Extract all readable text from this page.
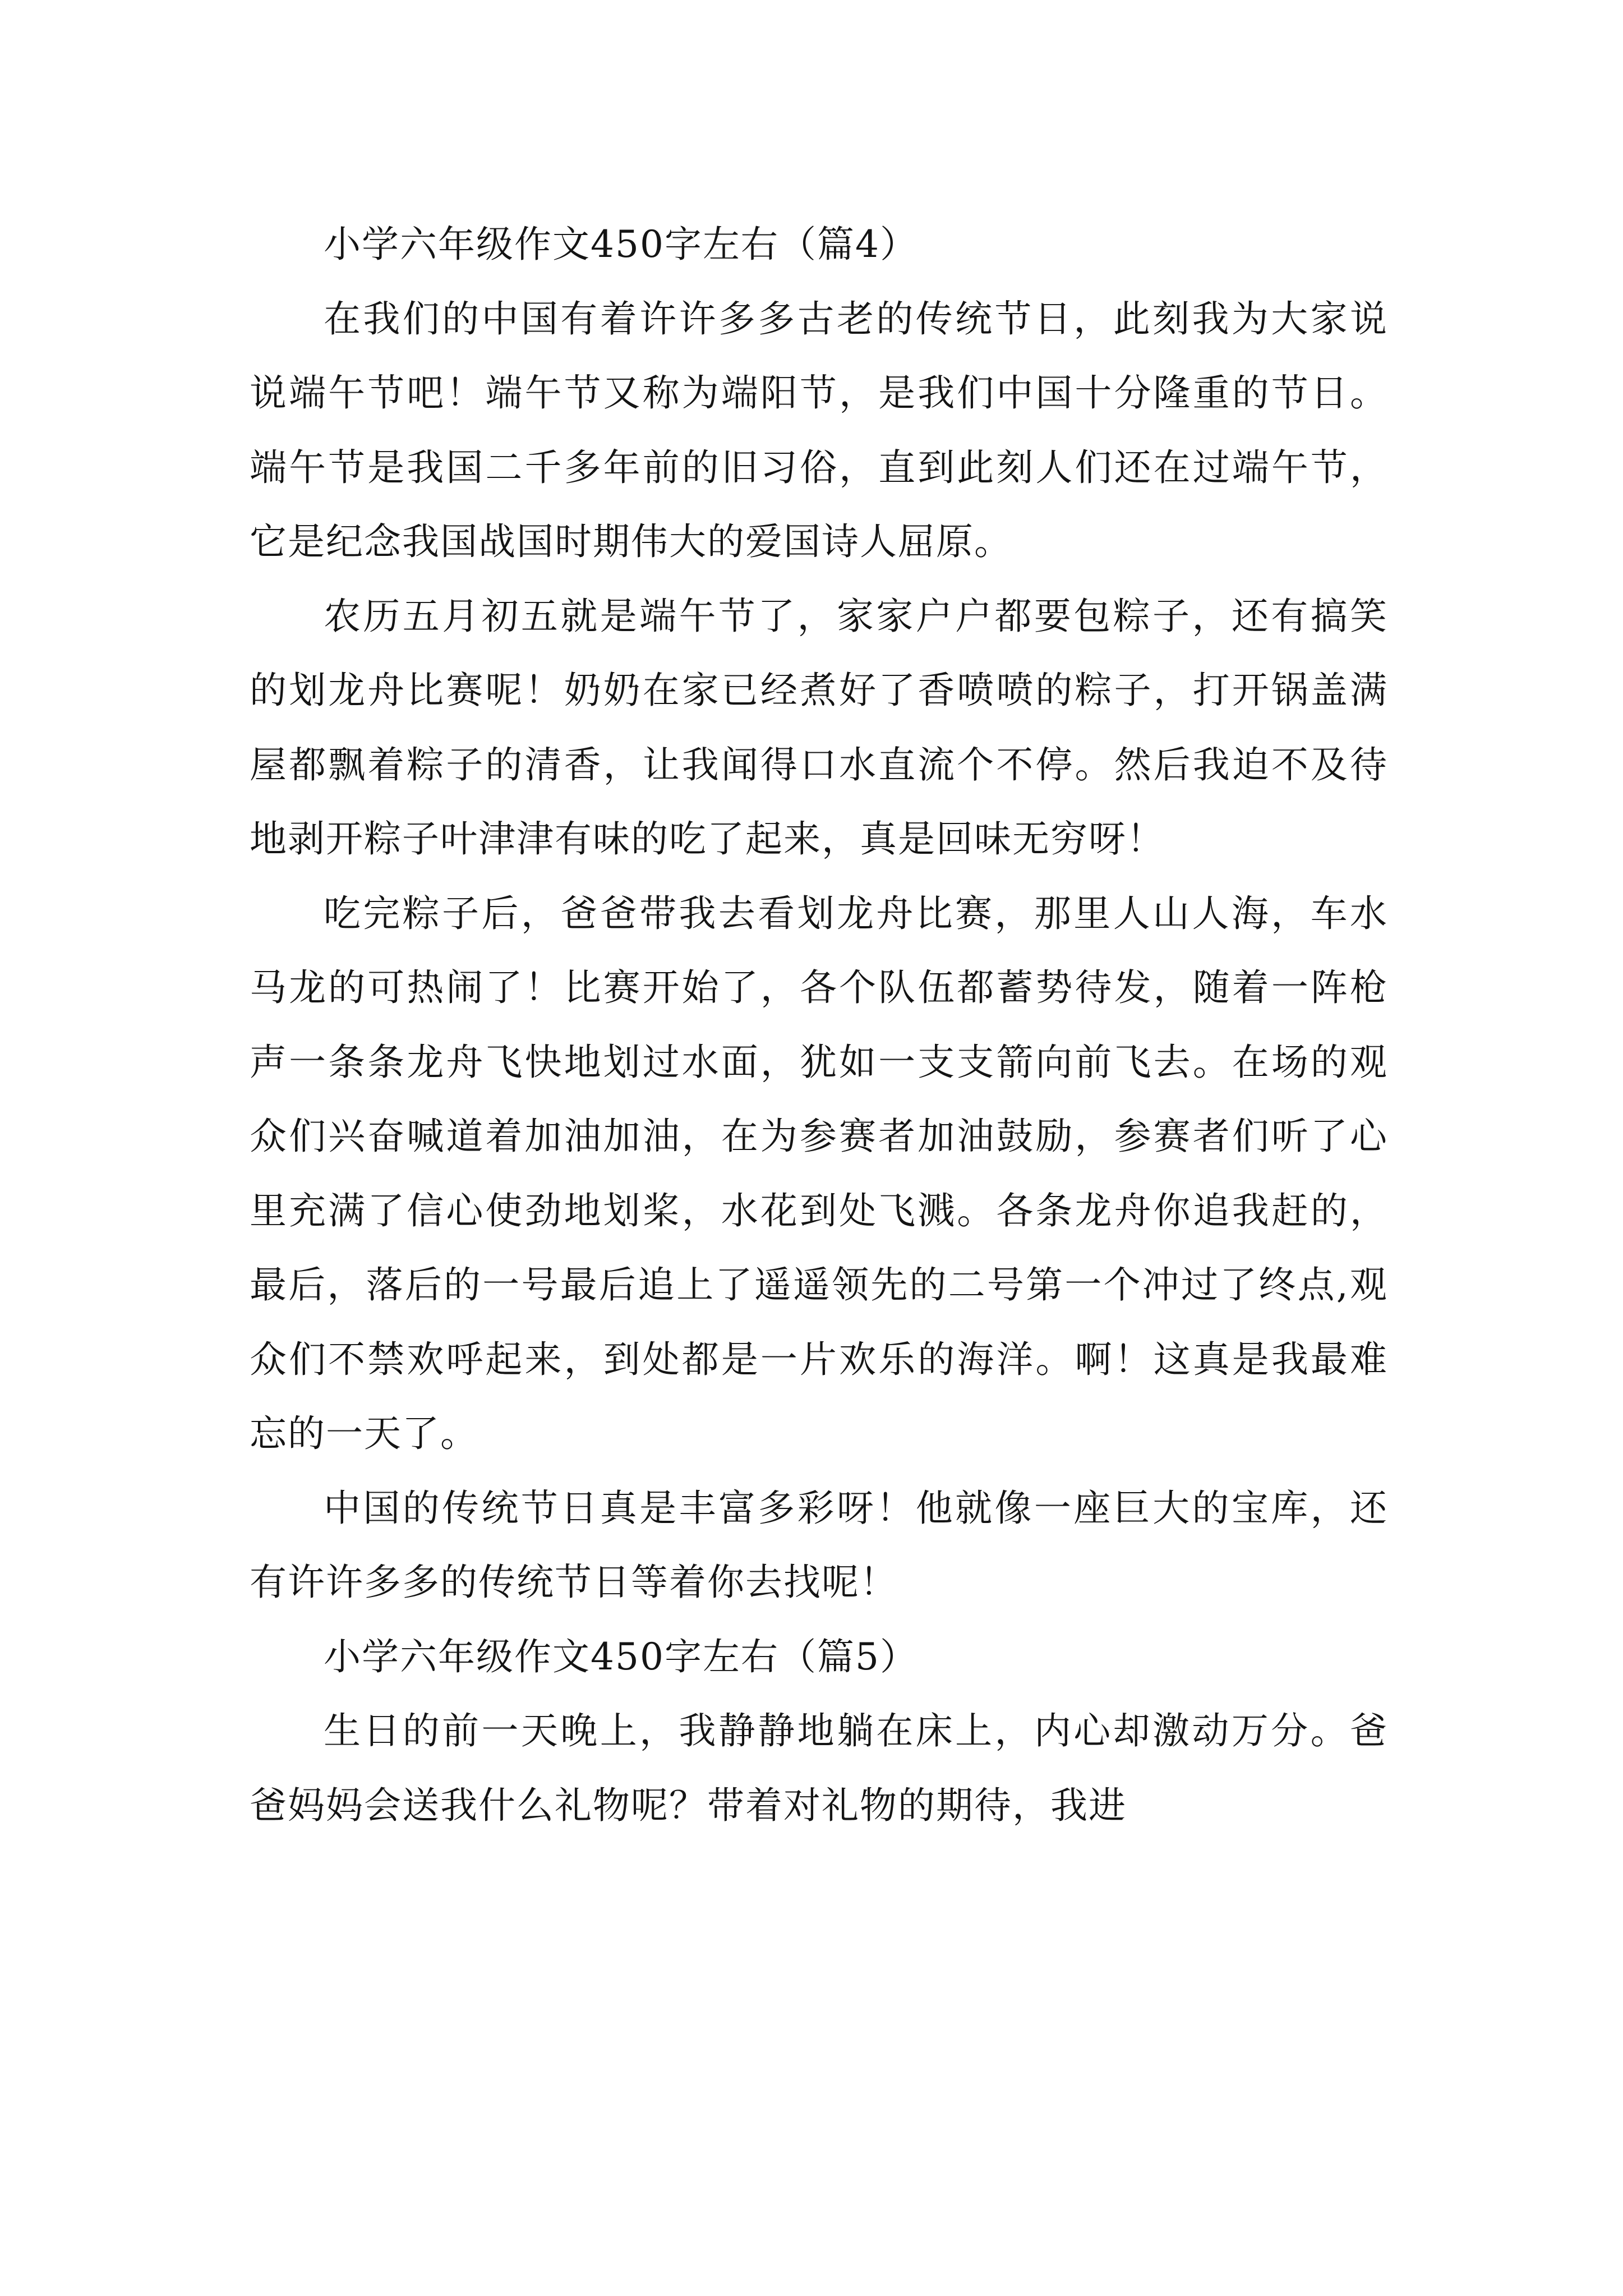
小学六年级作文450字左右（篇4）

在我们的中国有着许许多多古老的传统节日，此刻我为大家说说端午节吧！端午节又称为端阳节，是我们中国十分隆重的节日。端午节是我国二千多年前的旧习俗，直到此刻人们还在过端午节，它是纪念我国战国时期伟大的爱国诗人屈原。

农历五月初五就是端午节了，家家户户都要包粽子，还有搞笑的划龙舟比赛呢！奶奶在家已经煮好了香喷喷的粽子，打开锅盖满屋都飘着粽子的清香，让我闻得口水直流个不停。然后我迫不及待地剥开粽子叶津津有味的吃了起来，真是回味无穷呀！

吃完粽子后，爸爸带我去看划龙舟比赛，那里人山人海，车水马龙的可热闹了！比赛开始了，各个队伍都蓄势待发，随着一阵枪声一条条龙舟飞快地划过水面，犹如一支支箭向前飞去。在场的观众们兴奋喊道着加油加油，在为参赛者加油鼓励，参赛者们听了心里充满了信心使劲地划桨，水花到处飞溅。各条龙舟你追我赶的，最后，落后的一号最后追上了遥遥领先的二号第一个冲过了终点,观众们不禁欢呼起来，到处都是一片欢乐的海洋。啊！这真是我最难忘的一天了。

中国的传统节日真是丰富多彩呀！他就像一座巨大的宝库，还有许许多多的传统节日等着你去找呢！

小学六年级作文450字左右（篇5）

生日的前一天晚上，我静静地躺在床上，内心却激动万分。爸爸妈妈会送我什么礼物呢？带着对礼物的期待，我进
